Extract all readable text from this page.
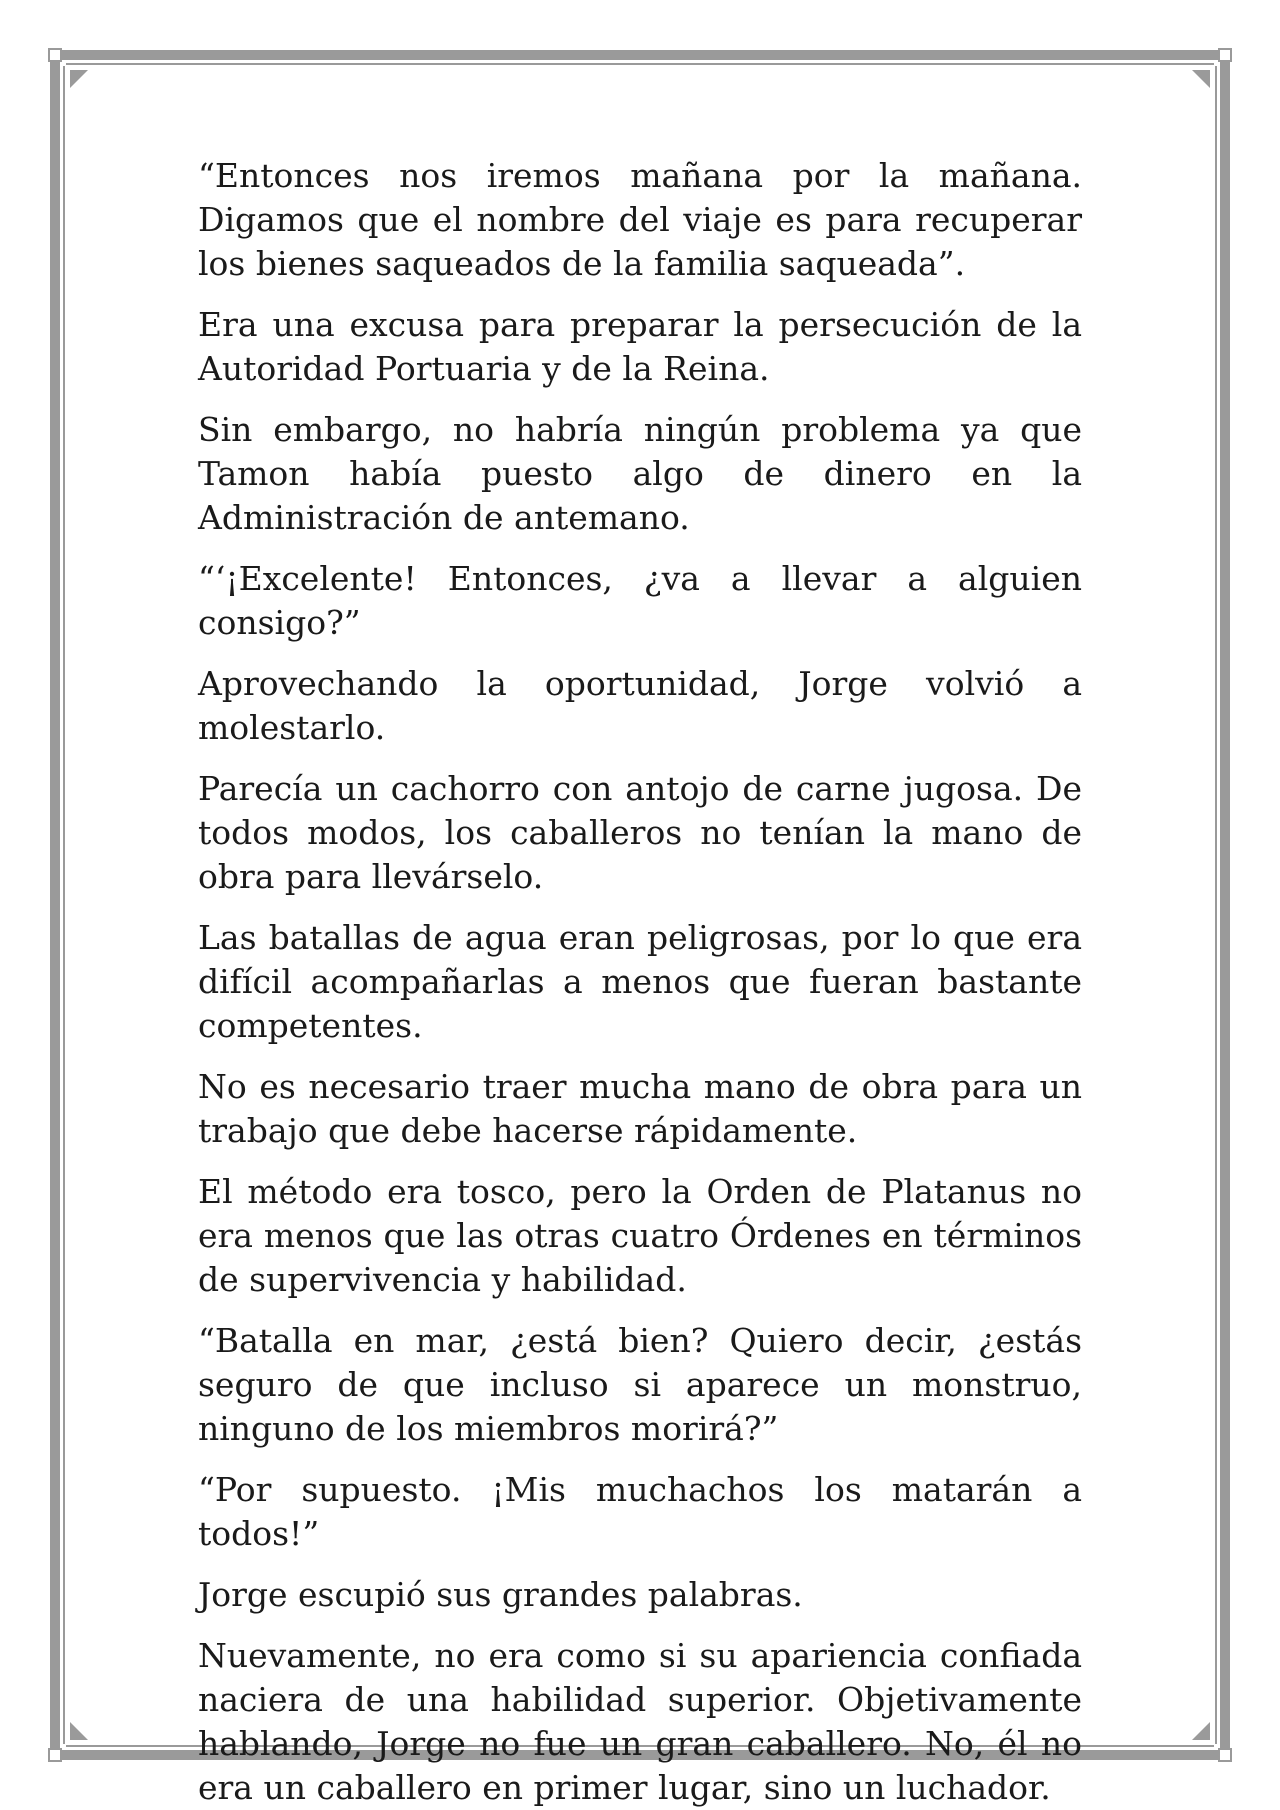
“Entonces nos iremos mañana por la mañana. Digamos que el nombre del viaje es para recuperar los bienes saqueados de la familia saqueada”.

Era una excusa para preparar la persecución de la Autoridad Portuaria y de la Reina.

Sin embargo, no habría ningún problema ya que Tamon había puesto algo de dinero en la Administración de antemano.

“‘¡Excelente! Entonces, ¿va a llevar a alguien consigo?”

Aprovechando la oportunidad, Jorge volvió a molestarlo.

Parecía un cachorro con antojo de carne jugosa. De todos modos, los caballeros no tenían la mano de obra para llevárselo.

Las batallas de agua eran peligrosas, por lo que era difícil acompañarlas a menos que fueran bastante competentes.

No es necesario traer mucha mano de obra para un trabajo que debe hacerse rápidamente.

El método era tosco, pero la Orden de Platanus no era menos que las otras cuatro Órdenes en términos de supervivencia y habilidad.

“Batalla en mar, ¿está bien? Quiero decir, ¿estás seguro de que incluso si aparece un monstruo, ninguno de los miembros morirá?”

“Por supuesto. ¡Mis muchachos los matarán a todos!”

Jorge escupió sus grandes palabras.

Nuevamente, no era como si su apariencia confiada naciera de una habilidad superior. Objetivamente hablando, Jorge no fue un gran caballero. No, él no era un caballero en primer lugar, sino un luchador.
